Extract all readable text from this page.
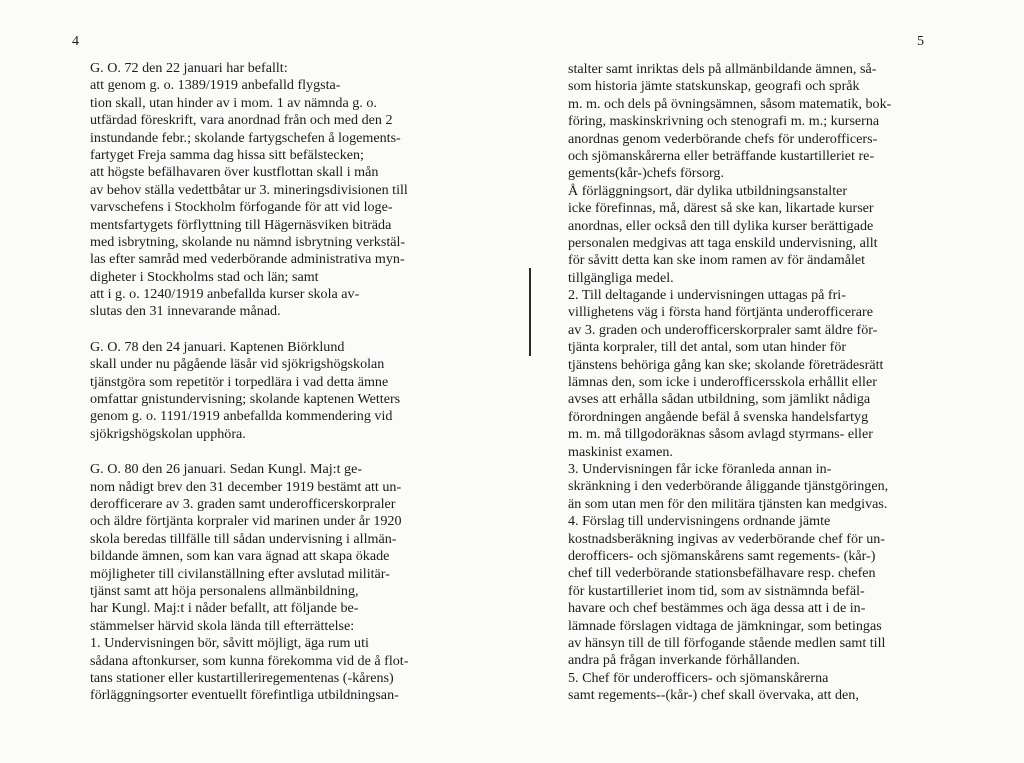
4	5
G. O. 72 den 22 januari har befallt:
att genom g. o. 1389/1919 anbefalld flygsta-
tion skall, utan hinder av i mom. 1 av nämnda g. o.
utfärdad föreskrift, vara anordnad från och med den 2
instundande febr.; skolande fartygschefen å logements-
fartyget Freja samma dag hissa sitt befälstecken;
att högste befälhavaren över kustflottan skall i mån
av behov ställa vedettbåtar ur 3. mineringsdivisionen till
varvschefens i Stockholm förfogande för att vid loge-
mentsfartygets förflyttning till Hägernäsviken biträda
med isbrytning, skolande nu nämnd isbrytning verkstäl-
las efter samråd med vederbörande administrativa myn-
digheter i Stockholms stad och län; samt
att i g. o. 1240/1919 anbefallda kurser skola av-
slutas den 31 innevarande månad.
G. O. 78 den 24 januari. Kaptenen Biörklund
skall under nu pågående läsår vid sjökrigshögskolan
tjänstgöra som repetitör i torpedlära i vad detta ämne
omfattar gnistundervisning; skolande kaptenen Wetters
genom g. o. 1191/1919 anbefallda kommendering vid
sjökrigshögskolan upphöra.
G. O. 80 den 26 januari. Sedan Kungl. Maj:t ge-
nom nådigt brev den 31 december 1919 bestämt att un-
derofficerare av 3. graden samt underofficerskorpraler
och äldre förtjänta korpraler vid marinen under år 1920
skola beredas tillfälle till sådan undervisning i allmän-
bildande ämnen, som kan vara ägnad att skapa ökade
möjligheter till civilanställning efter avslutad militär-
tjänst samt att höja personalens allmänbildning,
har Kungl. Maj:t i nåder befallt, att följande be-
stämmelser härvid skola lända till efterrättelse:
1. Undervisningen bör, såvitt möjligt, äga rum uti
sådana aftonkurser, som kunna förekomma vid de å flot-
tans stationer eller kustartilleriregementenas (-kårens)
förläggningsorter eventuellt förefintliga utbildningsan-
stalter samt inriktas dels på allmänbildande ämnen, så-
som historia jämte statskunskap, geografi och språk
m. m. och dels på övningsämnen, såsom matematik, bok-
föring, maskinskrivning och stenografi m. m.; kurserna
anordnas genom vederbörande chefs för underofficers-
och sjömanskårerna eller beträffande kustartilleriet re-
gements(kår-)chefs försorg.
Å förläggningsort, där dylika utbildningsanstalter
icke förefinnas, må, därest så ske kan, likartade kurser
anordnas, eller också den till dylika kurser berättigade
personalen medgivas att taga enskild undervisning, allt
för såvitt detta kan ske inom ramen av för ändamålet
tillgängliga medel.
2. Till deltagande i undervisningen uttagas på fri-
villighetens väg i första hand förtjänta underofficerare
av 3. graden och underofficerskorpraler samt äldre för-
tjänta korpraler, till det antal, som utan hinder för
tjänstens behöriga gång kan ske; skolande företrädesrätt
lämnas den, som icke i underofficersskola erhållit eller
avses att erhålla sådan utbildning, som jämlikt nådiga
förordningen angående befäl å svenska handelsfartyg
m. m. må tillgodoräknas såsom avlagd styrmans- eller
maskinist examen.
3. Undervisningen får icke föranleda annan in-
skränkning i den vederbörande åliggande tjänstgöringen,
än som utan men för den militära tjänsten kan medgivas.
4. Förslag till undervisningens ordnande jämte
kostnadsberäkning ingivas av vederbörande chef för un-
derofficers- och sjömanskårens samt regements- (kår-)
chef till vederbörande stationsbefälhavare resp. chefen
för kustartilleriet inom tid, som av sistnämnda befäl-
havare och chef bestämmes och äga dessa att i de in-
lämnade förslagen vidtaga de jämkningar, som betingas
av hänsyn till de till förfogande stående medlen samt till
andra på frågan inverkande förhållanden.
5. Chef för underofficers- och sjömanskårerna
samt regements--(kår-) chef skall övervaka, att den,
